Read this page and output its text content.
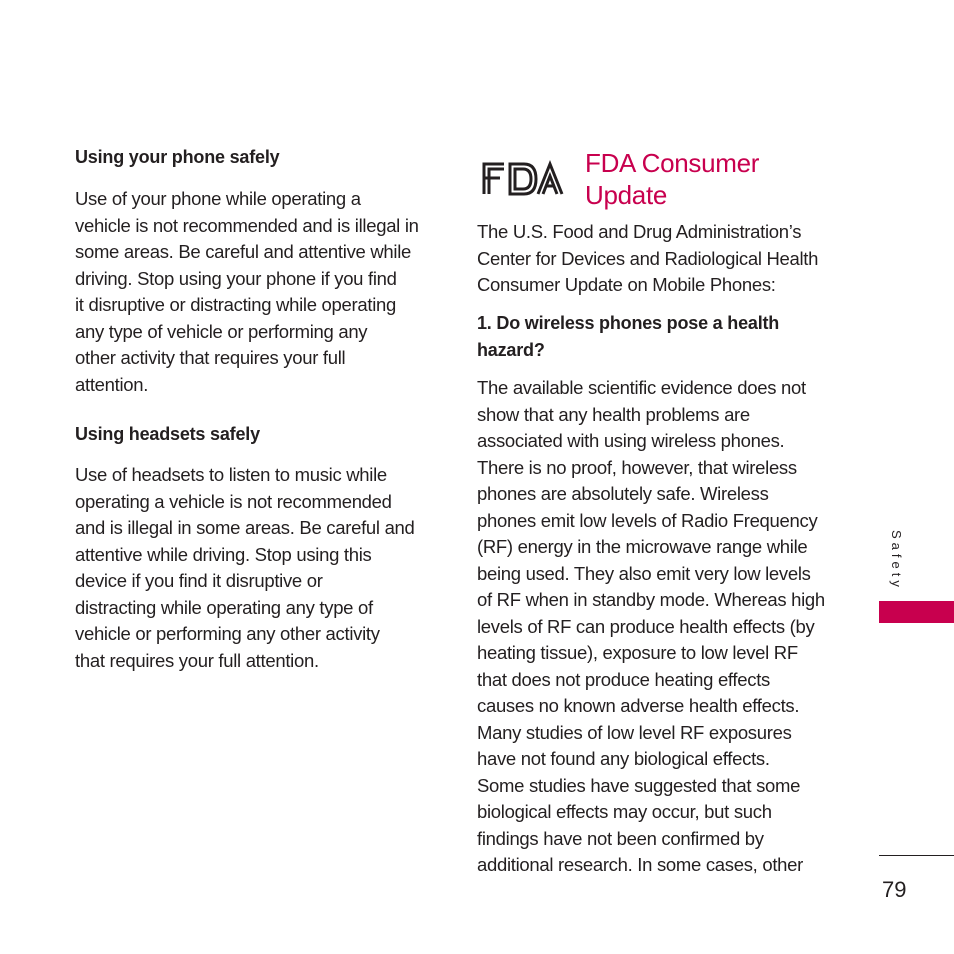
Using your phone safely
Use of your phone while operating a
vehicle is not recommended and is illegal in
some areas. Be careful and attentive while
driving. Stop using your phone if you find
it disruptive or distracting while operating
any type of vehicle or performing any
other activity that requires your full
attention.
Using headsets safely
Use of headsets to listen to music while
operating a vehicle is not recommended
and is illegal in some areas. Be careful and
attentive while driving. Stop using this
device if you find it disruptive or
distracting while operating any type of
vehicle or performing any other activity
that requires your full attention.
FDA Consumer
Update
The U.S. Food and Drug Administration’s
Center for Devices and Radiological Health
Consumer Update on Mobile Phones:
1. Do wireless phones pose a health
hazard?
The available scientific evidence does not
show that any health problems are
associated with using wireless phones.
There is no proof, however, that wireless
phones are absolutely safe. Wireless
phones emit low levels of Radio Frequency
(RF) energy in the microwave range while
being used. They also emit very low levels
of RF when in standby mode. Whereas high
levels of RF can produce health effects (by
heating tissue), exposure to low level RF
that does not produce heating effects
causes no known adverse health effects.
Many studies of low level RF exposures
have not found any biological effects.
Some studies have suggested that some
biological effects may occur, but such
findings have not been confirmed by
additional research. In some cases, other
Safety
79
